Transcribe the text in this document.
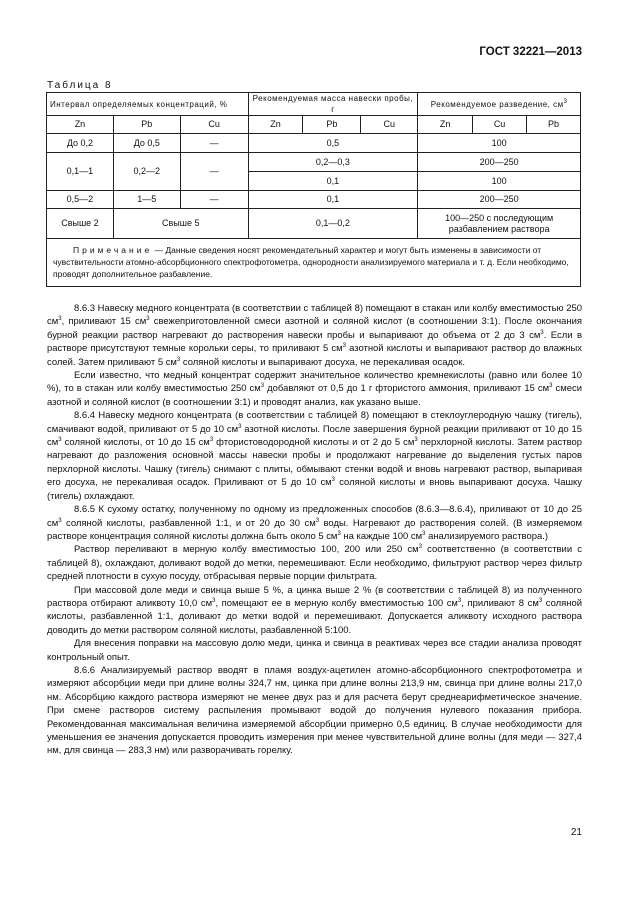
ГОСТ 32221—2013
Таблица 8
Интервал определяемых концентраций, %			Рекомендуемая масса навески пробы, г			Рекомендуемое разведение, $см^3$
Zn	Pb	Cu	Zn	Pb	Cu	Zn	Cu	Pb
До 0,2	До 0,5	—	0,5			100		
0,1—1	0,2—2	—	0,2—0,3			200—250		
			0,1			100		
0,5—2	1—5	—	0,1			200—250		
Свыше 2	Свыше 5		0,1—0,2			100—250 с последующим разбавлением раствора		
Примечание — Данные сведения носят рекомендательный характер и могут быть изменены в зависимости от чувствительности атомно-абсорбционного спектрофотометра, однородности анализируемого материала и т. д. Если необходимо, проводят дополнительное разбавление.								

8.6.3 Навеску медного концентрата (в соответствии с таблицей 8) помещают в стакан или колбу вместимостью 250 $см^3$, приливают 15 $см^3$ свежеприготовленной смеси азотной и соляной кислот (в соотношении 3:1). После окончания бурной реакции раствор нагревают до растворения навески пробы и выпаривают до объема от 2 до 3 $см^3$. Если в растворе присутствуют темные корольки серы, то приливают 5 $см^3$ азотной кислоты и выпаривают раствор до влажных солей. Затем приливают 5 $см^3$ соляной кислоты и выпаривают досуха, не перекаливая осадок.

Если известно, что медный концентрат содержит значительное количество кремнекислоты (равно или более 10 %), то в стакан или колбу вместимостью 250 $см^3$ добавляют от 0,5 до 1 г фтористого аммония, приливают 15 $см^3$ смеси азотной и соляной кислот (в соотношении 3:1) и проводят анализ, как указано выше.

8.6.4 Навеску медного концентрата (в соответствии с таблицей 8) помещают в стеклоуглеродную чашку (тигель), смачивают водой, приливают от 5 до 10 $см^3$ азотной кислоты. После завершения бурной реакции приливают от 10 до 15 $см^3$ соляной кислоты, от 10 до 15 $см^3$ фтористоводородной кислоты и от 2 до 5 $см^3$ перхлорной кислоты. Затем раствор нагревают до разложения основной массы навески пробы и продолжают нагревание до выделения густых паров перхлорной кислоты. Чашку (тигель) снимают с плиты, обмывают стенки водой и вновь нагревают раствор, выпаривая его досуха, не перекаливая осадок. Приливают от 5 до 10 $см^3$ соляной кислоты и вновь выпаривают досуха. Чашку (тигель) охлаждают.

8.6.5 К сухому остатку, полученному по одному из предложенных способов (8.6.3—8.6.4), приливают от 10 до 25 $см^3$ соляной кислоты, разбавленной 1:1, и от 20 до 30 $см^3$ воды. Нагревают до растворения солей. (В измеряемом растворе концентрация соляной кислоты должна быть около 5 $см^3$ на каждые 100 $см^3$ анализируемого раствора.)

Раствор переливают в мерную колбу вместимостью 100, 200 или 250 $см^3$ соответственно (в соответствии с таблицей 8), охлаждают, доливают водой до метки, перемешивают. Если необходимо, фильтруют раствор через фильтр средней плотности в сухую посуду, отбрасывая первые порции фильтрата.

При массовой доле меди и свинца выше 5 %, а цинка выше 2 % (в соответствии с таблицей 8) из полученного раствора отбирают аликвоту 10,0 $см^3$, помещают ее в мерную колбу вместимостью 100 $см^3$, приливают 8 $см^3$ соляной кислоты, разбавленной 1:1, доливают до метки водой и перемешивают. Допускается аликвоту исходного раствора доводить до метки раствором соляной кислоты, разбавленной 5:100.

Для внесения поправки на массовую долю меди, цинка и свинца в реактивах через все стадии анализа проводят контрольный опыт.

8.6.6 Анализируемый раствор вводят в пламя воздух-ацетилен атомно-абсорбционного спектрофотометра и измеряют абсорбции меди при длине волны 324,7 нм, цинка при длине волны 213,9 нм, свинца при длине волны 217,0 нм. Абсорбцию каждого раствора измеряют не менее двух раз и для расчета берут среднеарифметическое значение. При смене растворов систему распыления промывают водой до получения нулевого показания прибора. Рекомендованная максимальная величина измеряемой абсорбции примерно 0,5 единиц. В случае необходимости для уменьшения ее значения допускается проводить измерения при менее чувствительной длине волны (для меди — 327,4 нм, для свинца — 283,3 нм) или разворачивать горелку.

21
